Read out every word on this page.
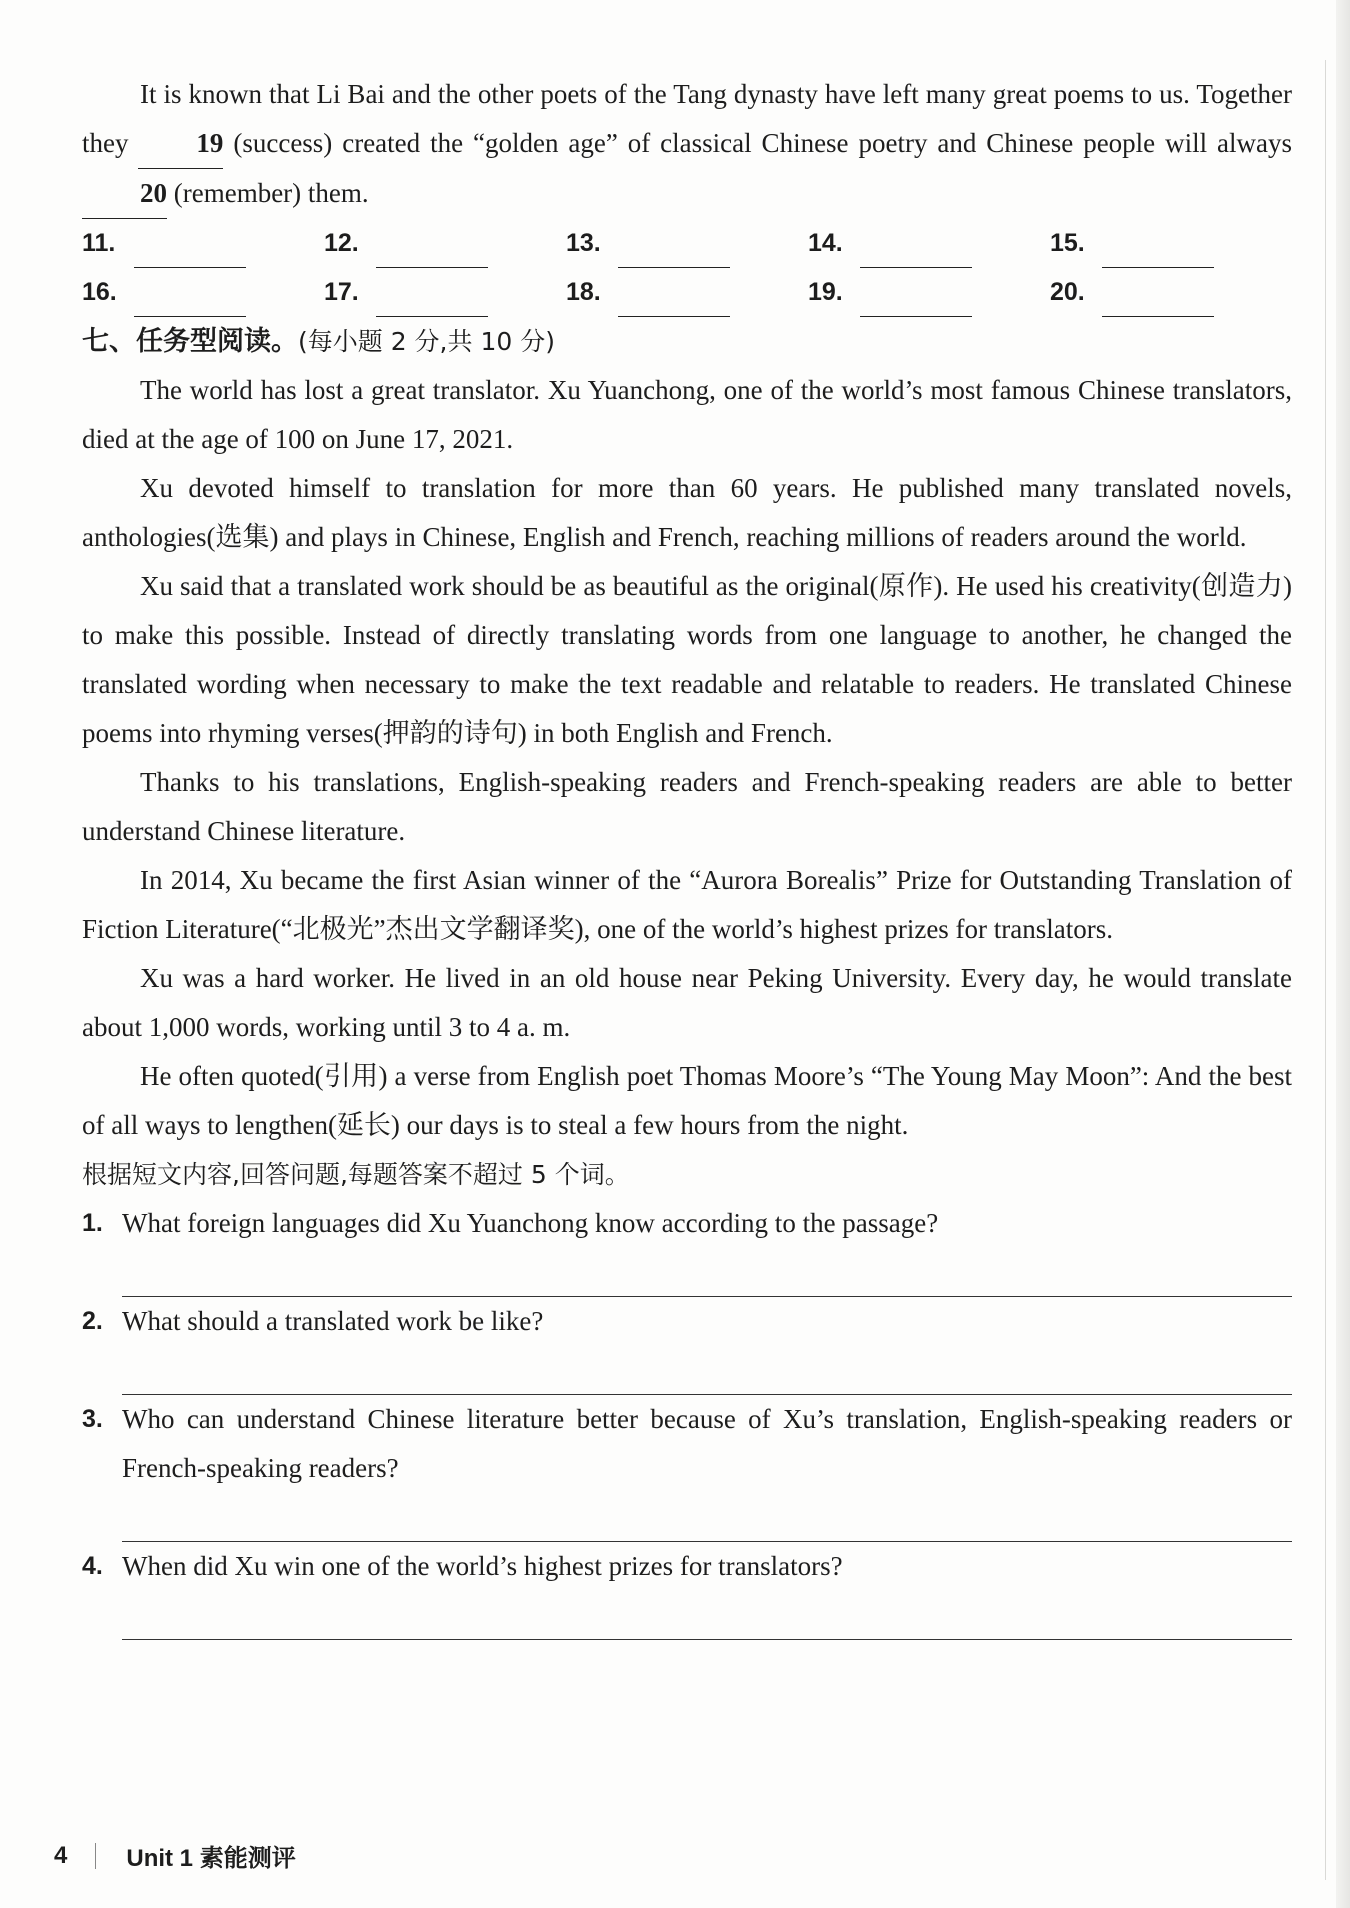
It is known that Li Bai and the other poets of the Tang dynasty have left many great poems to us. Together they 19 (success) created the “golden age” of classical Chinese poetry and Chinese people will always 20 (remember) them.

11.	12.	13.	14.	15.
16.	17.	18.	19.	20.
七、任务型阅读。(每小题 2 分,共 10 分)

The world has lost a great translator. Xu Yuanchong, one of the world’s most famous Chinese translators, died at the age of 100 on June 17, 2021.

Xu devoted himself to translation for more than 60 years. He published many translated novels, anthologies(选集) and plays in Chinese, English and French, reaching millions of readers around the world.

Xu said that a translated work should be as beautiful as the original(原作). He used his creativity(创造力) to make this possible. Instead of directly translating words from one language to another, he changed the translated wording when necessary to make the text readable and relatable to readers. He translated Chinese poems into rhyming verses(押韵的诗句) in both English and French.

Thanks to his translations, English-speaking readers and French-speaking readers are able to better understand Chinese literature.

In 2014, Xu became the first Asian winner of the “Aurora Borealis” Prize for Outstanding Translation of Fiction Literature(“北极光”杰出文学翻译奖), one of the world’s highest prizes for translators.

Xu was a hard worker. He lived in an old house near Peking University. Every day, he would translate about 1,000 words, working until 3 to 4 a. m.

He often quoted(引用) a verse from English poet Thomas Moore’s “The Young May Moon”: And the best of all ways to lengthen(延长) our days is to steal a few hours from the night.

根据短文内容,回答问题,每题答案不超过 5 个词。
1. What foreign languages did Xu Yuanchong know according to the passage?
2. What should a translated work be like?
3. Who can understand Chinese literature better because of Xu’s translation, English-speaking readers or French-speaking readers?
4. When did Xu win one of the world’s highest prizes for translators?
4 Unit 1 素能测评
